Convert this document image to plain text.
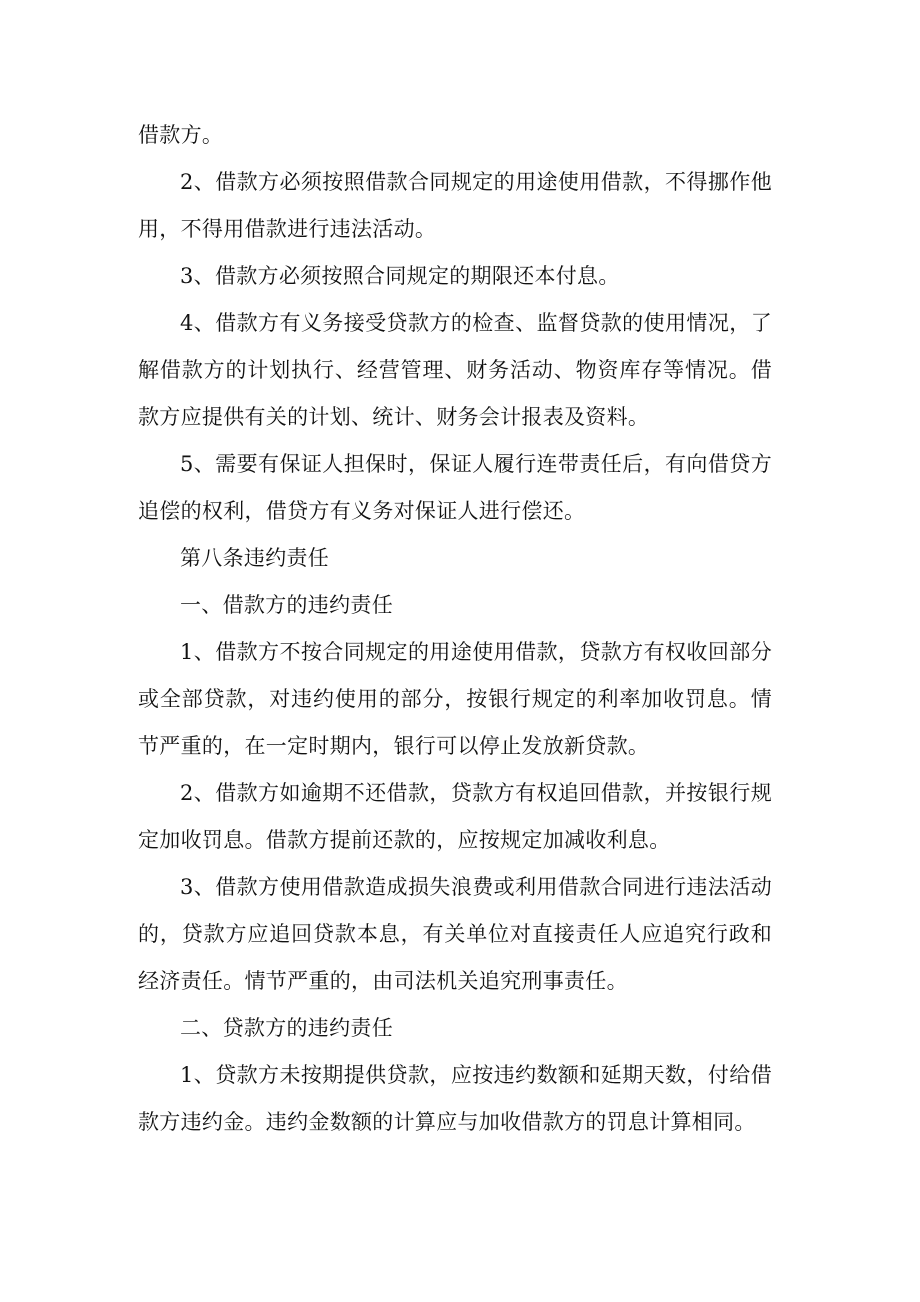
借款方。

2、借款方必须按照借款合同规定的用途使用借款，不得挪作他用，不得用借款进行违法活动。

3、借款方必须按照合同规定的期限还本付息。

4、借款方有义务接受贷款方的检查、监督贷款的使用情况，了解借款方的计划执行、经营管理、财务活动、物资库存等情况。借款方应提供有关的计划、统计、财务会计报表及资料。

5、需要有保证人担保时，保证人履行连带责任后，有向借贷方追偿的权利，借贷方有义务对保证人进行偿还。

第八条违约责任

一、借款方的违约责任

1、借款方不按合同规定的用途使用借款，贷款方有权收回部分或全部贷款，对违约使用的部分，按银行规定的利率加收罚息。情节严重的，在一定时期内，银行可以停止发放新贷款。

2、借款方如逾期不还借款，贷款方有权追回借款，并按银行规定加收罚息。借款方提前还款的，应按规定加减收利息。

3、借款方使用借款造成损失浪费或利用借款合同进行违法活动的，贷款方应追回贷款本息，有关单位对直接责任人应追究行政和经济责任。情节严重的，由司法机关追究刑事责任。

二、贷款方的违约责任

1、贷款方未按期提供贷款，应按违约数额和延期天数，付给借款方违约金。违约金数额的计算应与加收借款方的罚息计算相同。
